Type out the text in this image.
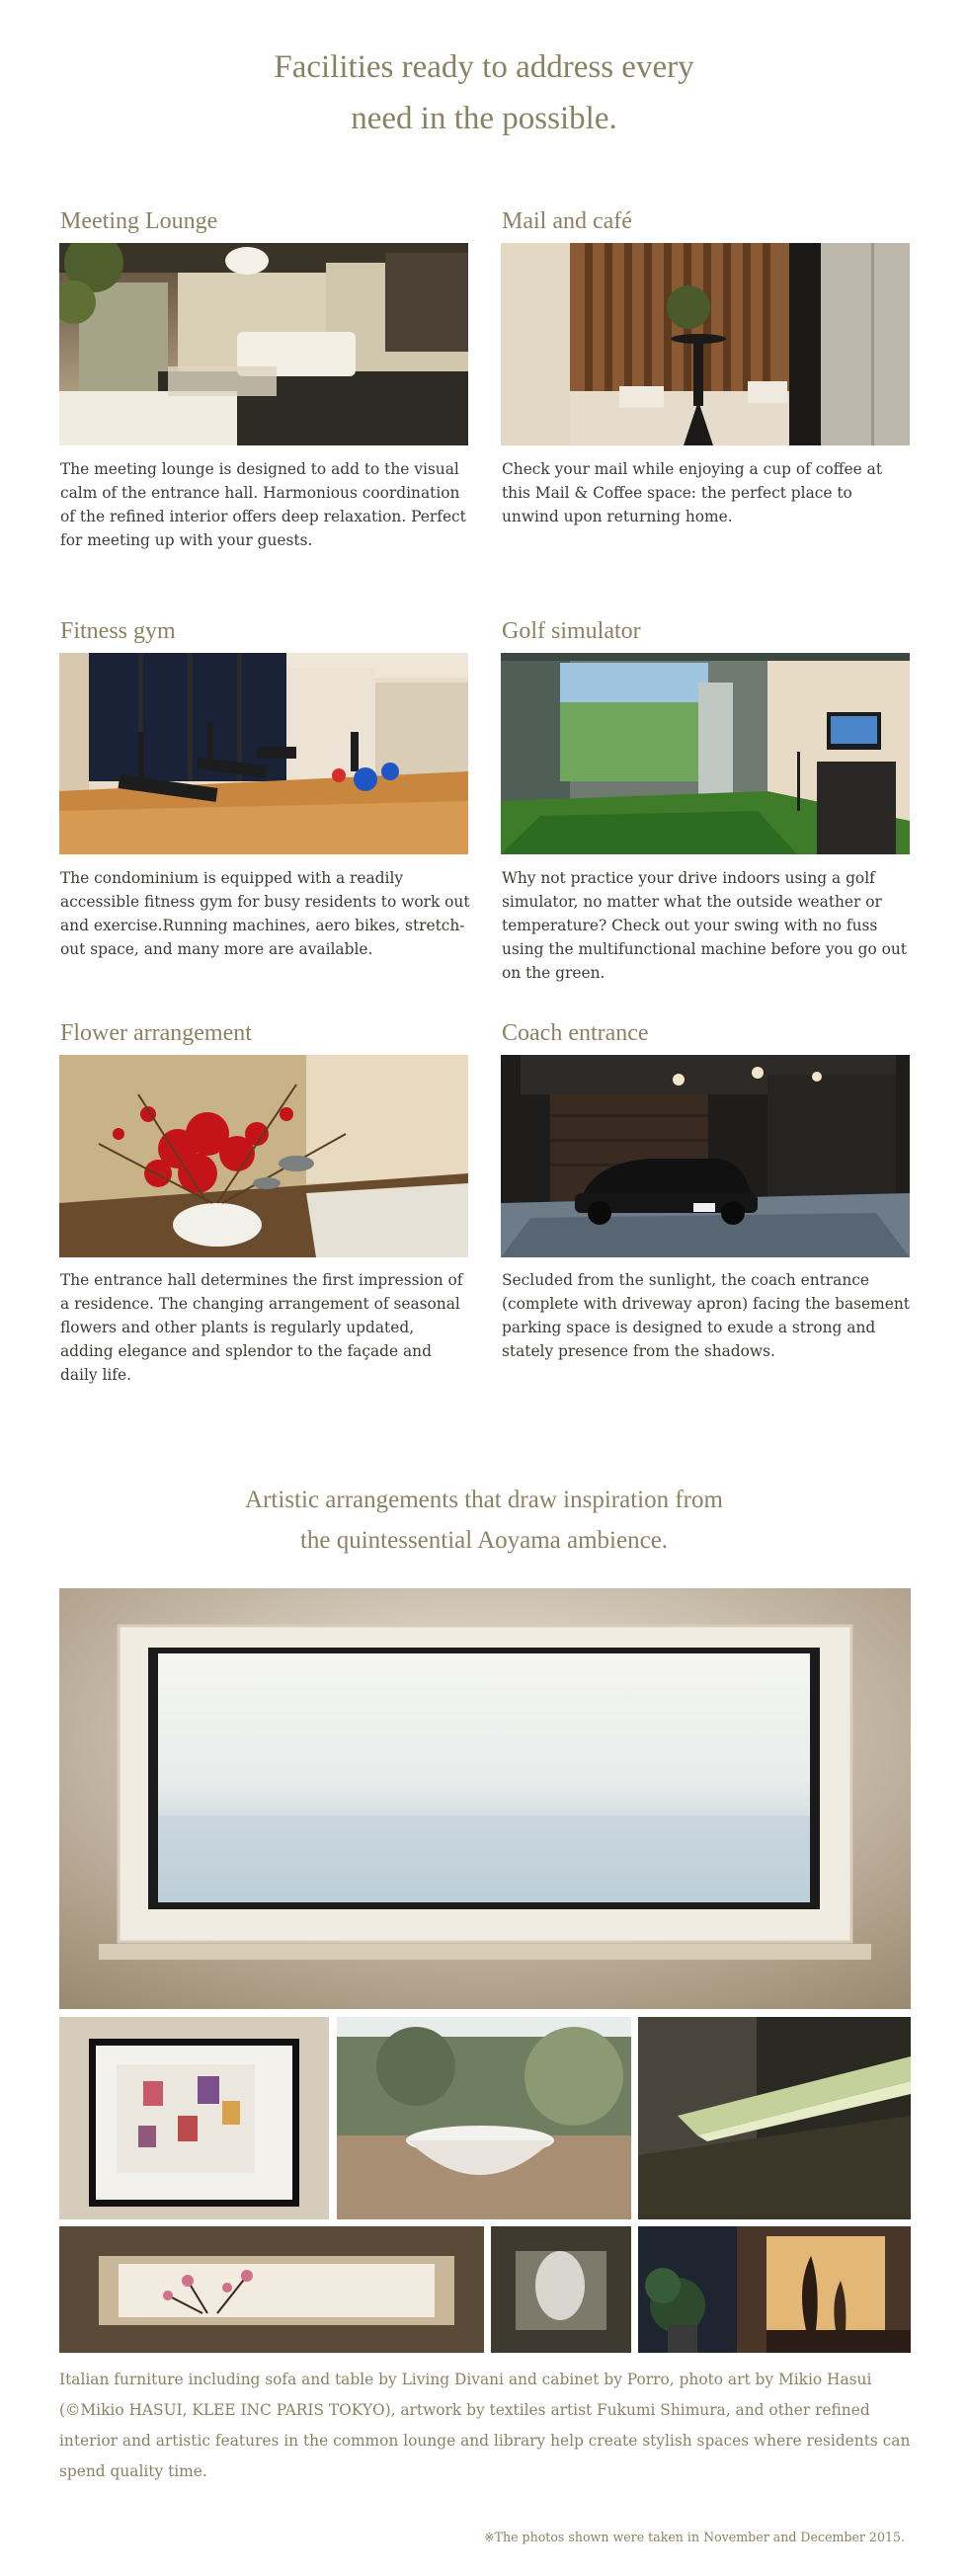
Facilities ready to address every
need in the possible.
Meeting Lounge

The meeting lounge is designed to add to the visual calm of the entrance hall. Harmonious coordination of the refined interior offers deep relaxation. Perfect for meeting up with your guests.

Mail and café

Check your mail while enjoying a cup of coffee at this Mail & Coffee space: the perfect place to unwind upon returning home.

Fitness gym

The condominium is equipped with a readily accessible fitness gym for busy residents to work out and exercise.Running machines, aero bikes, stretch-out space, and many more are available.

Golf simulator

Why not practice your drive indoors using a golf simulator, no matter what the outside weather or temperature? Check out your swing with no fuss using the multifunctional machine before you go out on the green.

Flower arrangement

The entrance hall determines the first impression of a residence. The changing arrangement of seasonal flowers and other plants is regularly updated, adding elegance and splendor to the façade and daily life.

Coach entrance

Secluded from the sunlight, the coach entrance (complete with driveway apron) facing the basement parking space is designed to exude a strong and stately presence from the shadows.

Artistic arrangements that draw inspiration from
the quintessential Aoyama ambience.

Italian furniture including sofa and table by Living Divani and cabinet by Porro, photo art by Mikio Hasui (©Mikio HASUI, KLEE INC PARIS TOKYO), artwork by textiles artist Fukumi Shimura, and other refined interior and artistic features in the common lounge and library help create stylish spaces where residents can spend quality time.

※The photos shown were taken in November and December 2015.
